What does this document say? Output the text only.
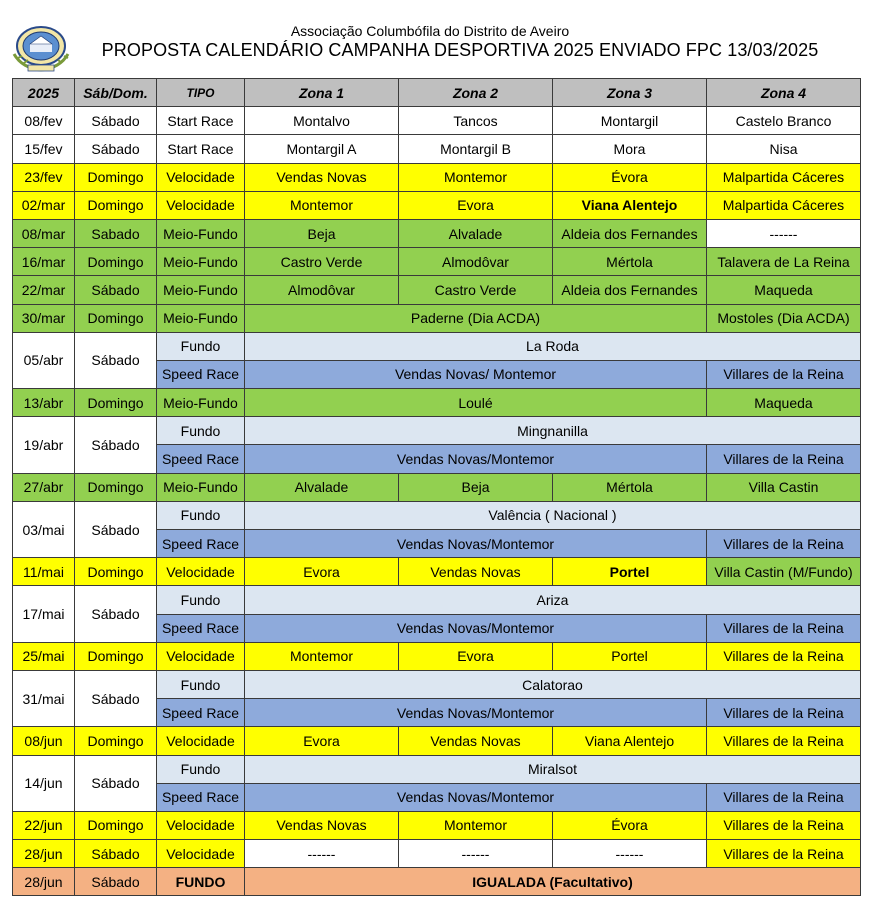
Associação Columbófila do Distrito de Aveiro
PROPOSTA CALENDÁRIO CAMPANHA DESPORTIVA 2025 ENVIADO FPC 13/03/2025
2025	Sáb/Dom.	TIPO	Zona 1	Zona 2	Zona 3	Zona 4
08/fev	Sábado	Start Race	Montalvo	Tancos	Montargil	Castelo Branco
15/fev	Sábado	Start Race	Montargil A	Montargil B	Mora	Nisa
23/fev	Domingo	Velocidade	Vendas Novas	Montemor	Évora	Malpartida Cáceres
02/mar	Domingo	Velocidade	Montemor	Evora	Viana Alentejo	Malpartida Cáceres
08/mar	Sabado	Meio-Fundo	Beja	Alvalade	Aldeia dos Fernandes	------
16/mar	Domingo	Meio-Fundo	Castro Verde	Almodôvar	Mértola	Talavera de La Reina
22/mar	Sábado	Meio-Fundo	Almodôvar	Castro Verde	Aldeia dos Fernandes	Maqueda
30/mar	Domingo	Meio-Fundo	Paderne (Dia ACDA)			Mostoles (Dia ACDA)
05/abr	Sábado	Fundo	La Roda			
		Speed Race	Vendas Novas/ Montemor			Villares de la Reina
13/abr	Domingo	Meio-Fundo	Loulé			Maqueda
19/abr	Sábado	Fundo	Mingnanilla			
		Speed Race	Vendas Novas/Montemor			Villares de la Reina
27/abr	Domingo	Meio-Fundo	Alvalade	Beja	Mértola	Villa Castin
03/mai	Sábado	Fundo	Valência ( Nacional )			
		Speed Race	Vendas Novas/Montemor			Villares de la Reina
11/mai	Domingo	Velocidade	Evora	Vendas Novas	Portel	Villa Castin (M/Fundo)
17/mai	Sábado	Fundo	Ariza			
		Speed Race	Vendas Novas/Montemor			Villares de la Reina
25/mai	Domingo	Velocidade	Montemor	Evora	Portel	Villares de la Reina
31/mai	Sábado	Fundo	Calatorao			
		Speed Race	Vendas Novas/Montemor			Villares de la Reina
08/jun	Domingo	Velocidade	Evora	Vendas Novas	Viana Alentejo	Villares de la Reina
14/jun	Sábado	Fundo	Miralsot			
		Speed Race	Vendas Novas/Montemor			Villares de la Reina
22/jun	Domingo	Velocidade	Vendas Novas	Montemor	Évora	Villares de la Reina
28/jun	Sábado	Velocidade	------	------	------	Villares de la Reina
28/jun	Sábado	FUNDO	IGUALADA (Facultativo)			
